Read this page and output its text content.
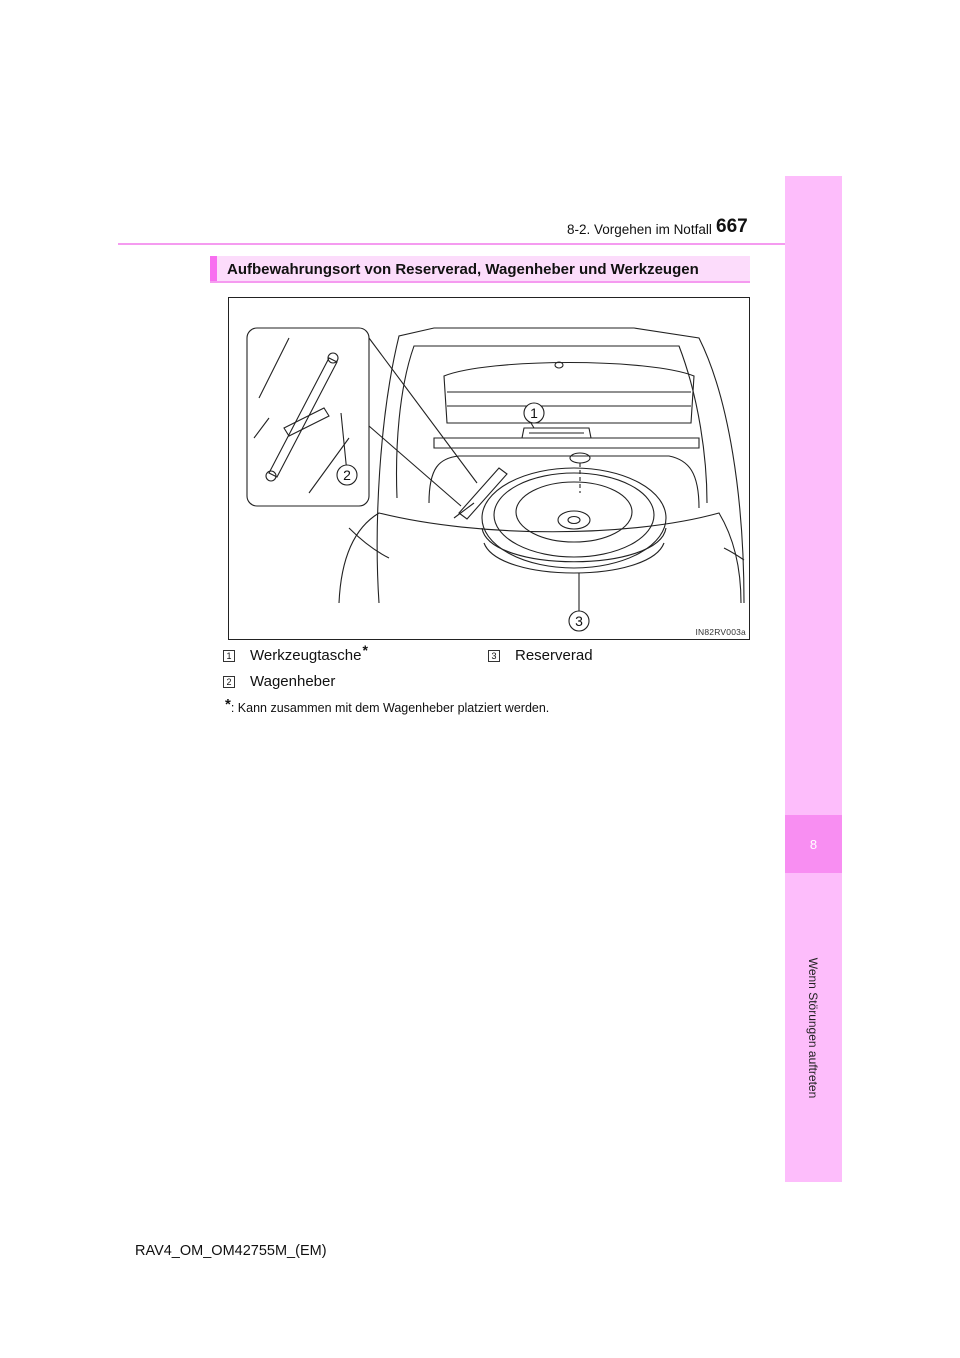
667
8-2. Vorgehen im Notfall
8
Wenn Störungen auftreten
Aufbewahrungsort von Reserverad, Wagenheber und Werkzeugen
1
2
3
IN82RV003a
1 Werkzeugtasche *	3 Reserverad
2 Wagenheber
*: Kann zusammen mit dem Wagenheber platziert werden.
RAV4_OM_OM42755M_(EM)
